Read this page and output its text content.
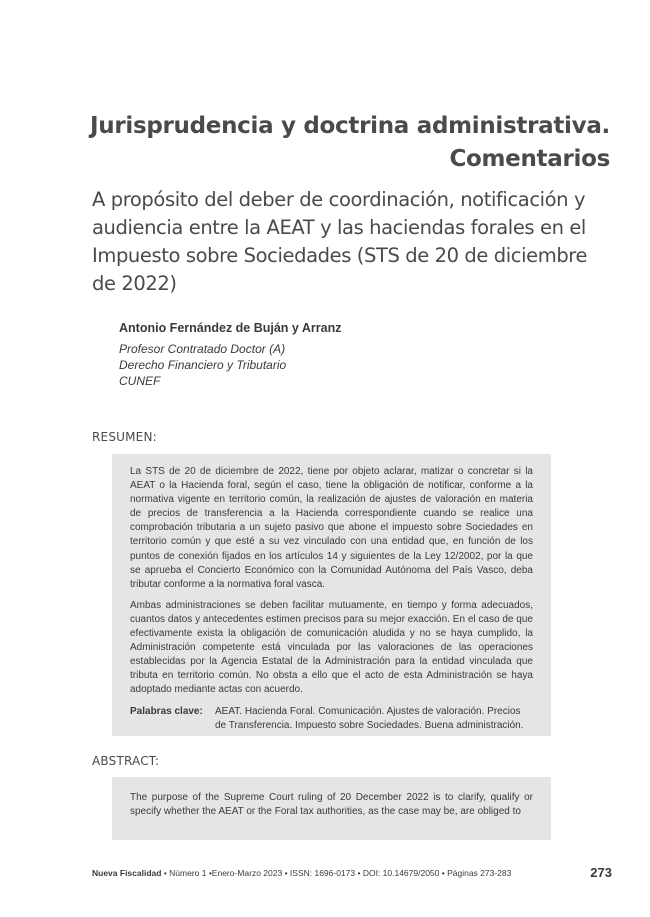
Jurisprudencia y doctrina administrativa.
Comentarios
A propósito del deber de coordinación, notificación y audiencia entre la AEAT y las haciendas forales en el Impuesto sobre Sociedades (STS de 20 de diciembre de 2022)
Antonio Fernández de Buján y Arranz
Profesor Contratado Doctor (A)
Derecho Financiero y Tributario
CUNEF
RESUMEN:

La STS de 20 de diciembre de 2022, tiene por objeto aclarar, matizar o concretar si la AEAT o la Hacienda foral, según el caso, tiene la obligación de notificar, conforme a la normativa vigente en territorio común, la realización de ajustes de valoración en materia de precios de transferencia a la Hacienda correspondiente cuando se realice una comprobación tributaria a un sujeto pasivo que abone el impuesto sobre Sociedades en territorio común y que esté a su vez vinculado con una entidad que, en función de los puntos de conexión fijados en los artículos 14 y siguientes de la Ley 12/2002, por la que se aprueba el Concierto Económico con la Comunidad Autónoma del País Vasco, deba tributar conforme a la normativa foral vasca.

Ambas administraciones se deben facilitar mutuamente, en tiempo y forma adecuados, cuantos datos y antecedentes estimen precisos para su mejor exacción. En el caso de que efectivamente exista la obligación de comunicación aludida y no se haya cumplido, la Administración competente está vinculada por las valoraciones de las operaciones establecidas por la Agencia Estatal de la Administración para la entidad vinculada que tributa en territorio común. No obsta a ello que el acto de esta Administración se haya adoptado mediante actas con acuerdo.

Palabras clave:	AEAT. Hacienda Foral. Comunicación. Ajustes de valoración. Precios de Transferencia. Impuesto sobre Sociedades. Buena administración.
ABSTRACT:

The purpose of the Supreme Court ruling of 20 December 2022 is to clarify, qualify or specify whether the AEAT or the Foral tax authorities, as the case may be, are obliged to

Nueva Fiscalidad • Número 1 •Enero-Marzo 2023 • ISSN: 1696-0173 • DOI: 10.14679/2050 • Páginas 273-283	273
